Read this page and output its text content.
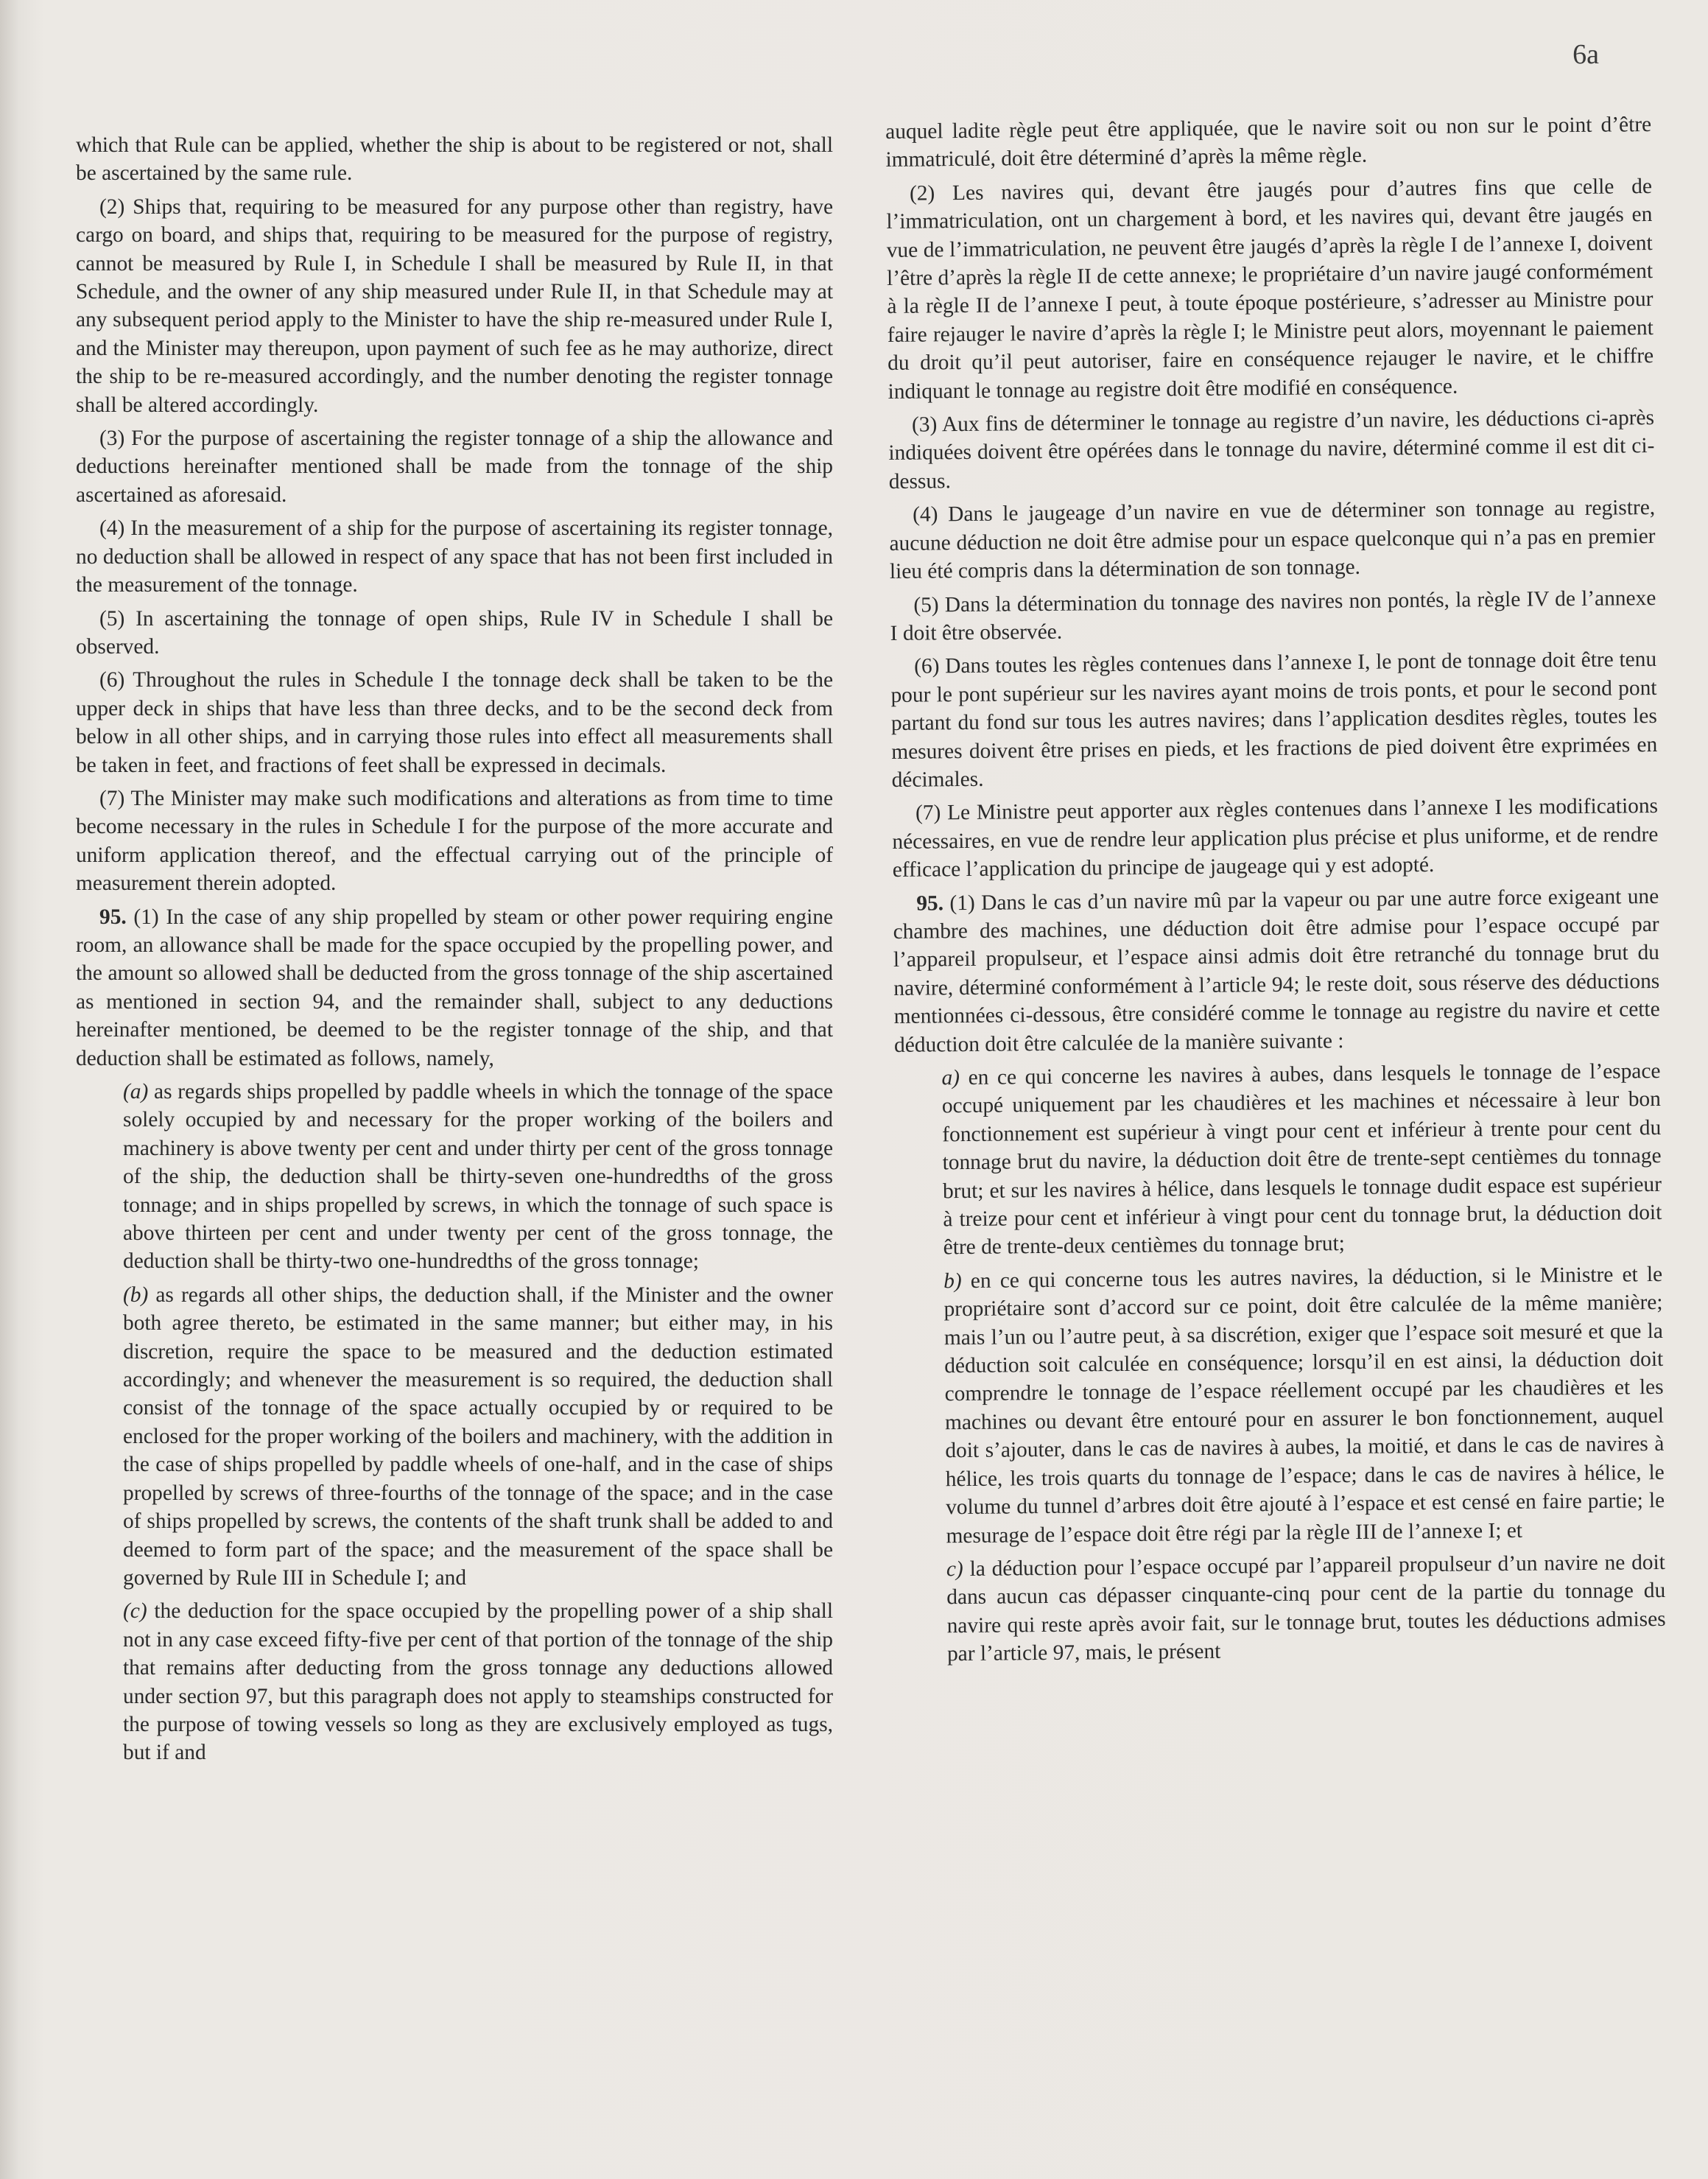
6a

which that Rule can be applied, whether the ship is about to be registered or not, shall be ascertained by the same rule.

(2) Ships that, requiring to be measured for any purpose other than registry, have cargo on board, and ships that, requiring to be measured for the purpose of registry, cannot be measured by Rule I, in Schedule I shall be measured by Rule II, in that Schedule, and the owner of any ship measured under Rule II, in that Schedule may at any subsequent period apply to the Minister to have the ship re-measured under Rule I, and the Minister may thereupon, upon payment of such fee as he may authorize, direct the ship to be re-measured accordingly, and the number denoting the register tonnage shall be altered accordingly.

(3) For the purpose of ascertaining the register tonnage of a ship the allowance and deductions hereinafter mentioned shall be made from the tonnage of the ship ascertained as aforesaid.

(4) In the measurement of a ship for the purpose of ascertaining its register tonnage, no deduction shall be allowed in respect of any space that has not been first included in the measurement of the tonnage.

(5) In ascertaining the tonnage of open ships, Rule IV in Schedule I shall be observed.

(6) Throughout the rules in Schedule I the tonnage deck shall be taken to be the upper deck in ships that have less than three decks, and to be the second deck from below in all other ships, and in carrying those rules into effect all measurements shall be taken in feet, and fractions of feet shall be expressed in decimals.

(7) The Minister may make such modifications and alterations as from time to time become necessary in the rules in Schedule I for the purpose of the more accurate and uniform application thereof, and the effectual carrying out of the principle of measurement therein adopted.

95. (1) In the case of any ship propelled by steam or other power requiring engine room, an allowance shall be made for the space occupied by the propelling power, and the amount so allowed shall be deducted from the gross tonnage of the ship ascertained as mentioned in section 94, and the remainder shall, subject to any deductions hereinafter mentioned, be deemed to be the register tonnage of the ship, and that deduction shall be estimated as follows, namely,

(a) as regards ships propelled by paddle wheels in which the tonnage of the space solely occupied by and necessary for the proper working of the boilers and machinery is above twenty per cent and under thirty per cent of the gross tonnage of the ship, the deduction shall be thirty-seven one-hundredths of the gross tonnage; and in ships propelled by screws, in which the tonnage of such space is above thirteen per cent and under twenty per cent of the gross tonnage, the deduction shall be thirty-two one-hundredths of the gross tonnage;

(b) as regards all other ships, the deduction shall, if the Minister and the owner both agree thereto, be estimated in the same manner; but either may, in his discretion, require the space to be measured and the deduction estimated accordingly; and whenever the measurement is so required, the deduction shall consist of the tonnage of the space actually occupied by or required to be enclosed for the proper working of the boilers and machinery, with the addition in the case of ships propelled by paddle wheels of one-half, and in the case of ships propelled by screws of three-fourths of the tonnage of the space; and in the case of ships propelled by screws, the contents of the shaft trunk shall be added to and deemed to form part of the space; and the measurement of the space shall be governed by Rule III in Schedule I; and

(c) the deduction for the space occupied by the propelling power of a ship shall not in any case exceed fifty-five per cent of that portion of the tonnage of the ship that remains after deducting from the gross tonnage any deductions allowed under section 97, but this paragraph does not apply to steamships constructed for the purpose of towing vessels so long as they are exclusively employed as tugs, but if and

auquel ladite règle peut être appliquée, que le navire soit ou non sur le point d’être immatriculé, doit être déterminé d’après la même règle.

(2) Les navires qui, devant être jaugés pour d’autres fins que celle de l’immatriculation, ont un chargement à bord, et les navires qui, devant être jaugés en vue de l’immatriculation, ne peuvent être jaugés d’après la règle I de l’annexe I, doivent l’être d’après la règle II de cette annexe; le propriétaire d’un navire jaugé conformément à la règle II de l’annexe I peut, à toute époque postérieure, s’adresser au Ministre pour faire rejauger le navire d’après la règle I; le Ministre peut alors, moyennant le paiement du droit qu’il peut autoriser, faire en conséquence rejauger le navire, et le chiffre indiquant le tonnage au registre doit être modifié en conséquence.

(3) Aux fins de déterminer le tonnage au registre d’un navire, les déductions ci-après indiquées doivent être opérées dans le tonnage du navire, déterminé comme il est dit ci-dessus.

(4) Dans le jaugeage d’un navire en vue de déterminer son tonnage au registre, aucune déduction ne doit être admise pour un espace quelconque qui n’a pas en premier lieu été compris dans la détermination de son tonnage.

(5) Dans la détermination du tonnage des navires non pontés, la règle IV de l’annexe I doit être observée.

(6) Dans toutes les règles contenues dans l’annexe I, le pont de tonnage doit être tenu pour le pont supérieur sur les navires ayant moins de trois ponts, et pour le second pont partant du fond sur tous les autres navires; dans l’application desdites règles, toutes les mesures doivent être prises en pieds, et les fractions de pied doivent être exprimées en décimales.

(7) Le Ministre peut apporter aux règles contenues dans l’annexe I les modifications nécessaires, en vue de rendre leur application plus précise et plus uniforme, et de rendre efficace l’application du principe de jaugeage qui y est adopté.

95. (1) Dans le cas d’un navire mû par la vapeur ou par une autre force exigeant une chambre des machines, une déduction doit être admise pour l’espace occupé par l’appareil propulseur, et l’espace ainsi admis doit être retranché du tonnage brut du navire, déterminé conformément à l’article 94; le reste doit, sous réserve des déductions mentionnées ci-dessous, être considéré comme le tonnage au registre du navire et cette déduction doit être calculée de la manière suivante :

a) en ce qui concerne les navires à aubes, dans lesquels le tonnage de l’espace occupé uniquement par les chaudières et les machines et nécessaire à leur bon fonctionnement est supérieur à vingt pour cent et inférieur à trente pour cent du tonnage brut du navire, la déduction doit être de trente-sept centièmes du tonnage brut; et sur les navires à hélice, dans lesquels le tonnage dudit espace est supérieur à treize pour cent et inférieur à vingt pour cent du tonnage brut, la déduction doit être de trente-deux centièmes du tonnage brut;

b) en ce qui concerne tous les autres navires, la déduction, si le Ministre et le propriétaire sont d’accord sur ce point, doit être calculée de la même manière; mais l’un ou l’autre peut, à sa discrétion, exiger que l’espace soit mesuré et que la déduction soit calculée en conséquence; lorsqu’il en est ainsi, la déduction doit comprendre le tonnage de l’espace réellement occupé par les chaudières et les machines ou devant être entouré pour en assurer le bon fonctionnement, auquel doit s’ajouter, dans le cas de navires à aubes, la moitié, et dans le cas de navires à hélice, les trois quarts du tonnage de l’espace; dans le cas de navires à hélice, le volume du tunnel d’arbres doit être ajouté à l’espace et est censé en faire partie; le mesurage de l’espace doit être régi par la règle III de l’annexe I; et

c) la déduction pour l’espace occupé par l’appareil propulseur d’un navire ne doit dans aucun cas dépasser cinquante-cinq pour cent de la partie du tonnage du navire qui reste après avoir fait, sur le tonnage brut, toutes les déductions admises par l’article 97, mais, le présent
